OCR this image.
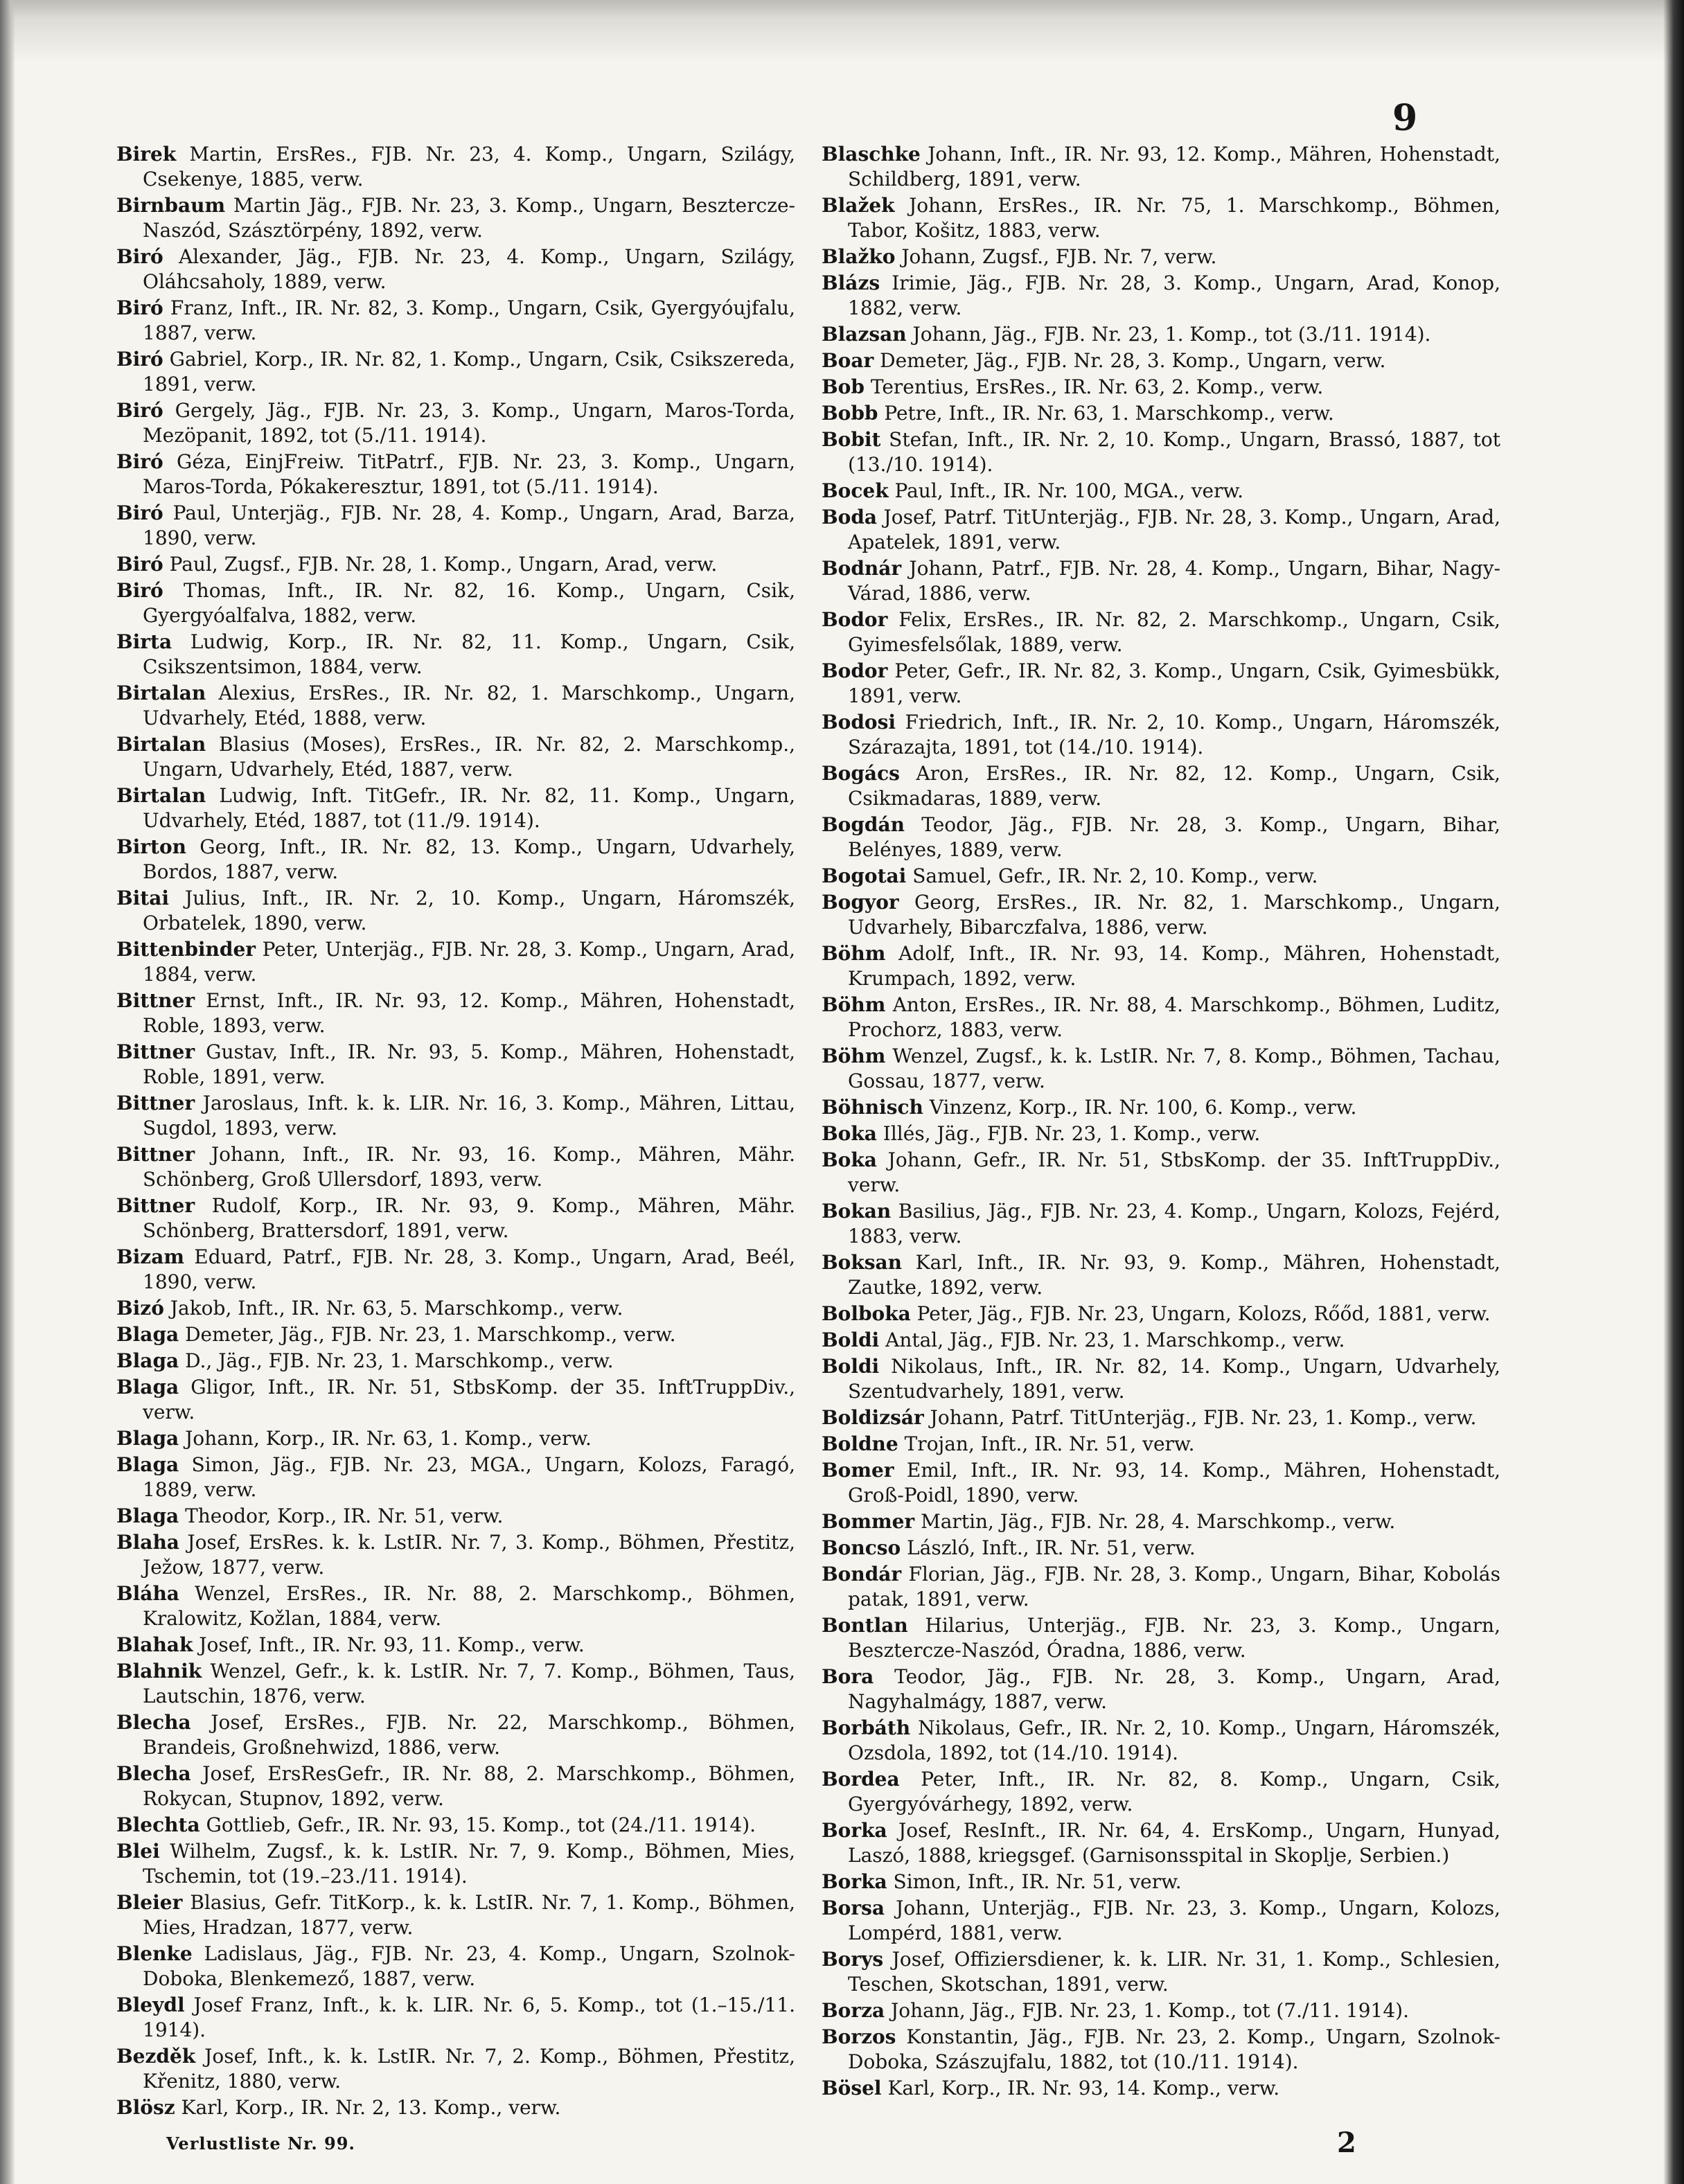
9

Birek Martin, ErsRes., FJB. Nr. 23, 4. Komp., Ungarn, Szilágy, Csekenye, 1885, verw.

Birnbaum Martin Jäg., FJB. Nr. 23, 3. Komp., Ungarn, Besztercze-Naszód, Szásztörpény, 1892, verw.

Biró Alexander, Jäg., FJB. Nr. 23, 4. Komp., Ungarn, Szilágy, Oláhcsaholy, 1889, verw.

Biró Franz, Inft., IR. Nr. 82, 3. Komp., Ungarn, Csik, Gyergyóujfalu, 1887, verw.

Biró Gabriel, Korp., IR. Nr. 82, 1. Komp., Ungarn, Csik, Csikszereda, 1891, verw.

Biró Gergely, Jäg., FJB. Nr. 23, 3. Komp., Ungarn, Maros-Torda, Mezöpanit, 1892, tot (5./11. 1914).

Biró Géza, EinjFreiw. TitPatrf., FJB. Nr. 23, 3. Komp., Ungarn, Maros-Torda, Pókakeresztur, 1891, tot (5./11. 1914).

Biró Paul, Unterjäg., FJB. Nr. 28, 4. Komp., Ungarn, Arad, Barza, 1890, verw.

Biró Paul, Zugsf., FJB. Nr. 28, 1. Komp., Ungarn, Arad, verw.

Biró Thomas, Inft., IR. Nr. 82, 16. Komp., Ungarn, Csik, Gyergyóalfalva, 1882, verw.

Birta Ludwig, Korp., IR. Nr. 82, 11. Komp., Ungarn, Csik, Csikszentsimon, 1884, verw.

Birtalan Alexius, ErsRes., IR. Nr. 82, 1. Marschkomp., Ungarn, Udvarhely, Etéd, 1888, verw.

Birtalan Blasius (Moses), ErsRes., IR. Nr. 82, 2. Marschkomp., Ungarn, Udvarhely, Etéd, 1887, verw.

Birtalan Ludwig, Inft. TitGefr., IR. Nr. 82, 11. Komp., Ungarn, Udvarhely, Etéd, 1887, tot (11./9. 1914).

Birton Georg, Inft., IR. Nr. 82, 13. Komp., Ungarn, Udvarhely, Bordos, 1887, verw.

Bitai Julius, Inft., IR. Nr. 2, 10. Komp., Ungarn, Háromszék, Orbatelek, 1890, verw.

Bittenbinder Peter, Unterjäg., FJB. Nr. 28, 3. Komp., Ungarn, Arad, 1884, verw.

Bittner Ernst, Inft., IR. Nr. 93, 12. Komp., Mähren, Hohenstadt, Roble, 1893, verw.

Bittner Gustav, Inft., IR. Nr. 93, 5. Komp., Mähren, Hohenstadt, Roble, 1891, verw.

Bittner Jaroslaus, Inft. k. k. LIR. Nr. 16, 3. Komp., Mähren, Littau, Sugdol, 1893, verw.

Bittner Johann, Inft., IR. Nr. 93, 16. Komp., Mähren, Mähr. Schönberg, Groß Ullersdorf, 1893, verw.

Bittner Rudolf, Korp., IR. Nr. 93, 9. Komp., Mähren, Mähr. Schönberg, Brattersdorf, 1891, verw.

Bizam Eduard, Patrf., FJB. Nr. 28, 3. Komp., Ungarn, Arad, Beél, 1890, verw.

Bizó Jakob, Inft., IR. Nr. 63, 5. Marschkomp., verw.

Blaga Demeter, Jäg., FJB. Nr. 23, 1. Marschkomp., verw.

Blaga D., Jäg., FJB. Nr. 23, 1. Marschkomp., verw.

Blaga Gligor, Inft., IR. Nr. 51, StbsKomp. der 35. InftTruppDiv., verw.

Blaga Johann, Korp., IR. Nr. 63, 1. Komp., verw.

Blaga Simon, Jäg., FJB. Nr. 23, MGA., Ungarn, Kolozs, Faragó, 1889, verw.

Blaga Theodor, Korp., IR. Nr. 51, verw.

Blaha Josef, ErsRes. k. k. LstIR. Nr. 7, 3. Komp., Böhmen, Přestitz, Ježow, 1877, verw.

Bláha Wenzel, ErsRes., IR. Nr. 88, 2. Marschkomp., Böhmen, Kralowitz, Kožlan, 1884, verw.

Blahak Josef, Inft., IR. Nr. 93, 11. Komp., verw.

Blahnik Wenzel, Gefr., k. k. LstIR. Nr. 7, 7. Komp., Böhmen, Taus, Lautschin, 1876, verw.

Blecha Josef, ErsRes., FJB. Nr. 22, Marschkomp., Böhmen, Brandeis, Großnehwizd, 1886, verw.

Blecha Josef, ErsResGefr., IR. Nr. 88, 2. Marschkomp., Böhmen, Rokycan, Stupnov, 1892, verw.

Blechta Gottlieb, Gefr., IR. Nr. 93, 15. Komp., tot (24./11. 1914).

Blei Wilhelm, Zugsf., k. k. LstIR. Nr. 7, 9. Komp., Böhmen, Mies, Tschemin, tot (19.–23./11. 1914).

Bleier Blasius, Gefr. TitKorp., k. k. LstIR. Nr. 7, 1. Komp., Böhmen, Mies, Hradzan, 1877, verw.

Blenke Ladislaus, Jäg., FJB. Nr. 23, 4. Komp., Ungarn, Szolnok-Doboka, Blenkemező, 1887, verw.

Bleydl Josef Franz, Inft., k. k. LIR. Nr. 6, 5. Komp., tot (1.–15./11. 1914).

Bezděk Josef, Inft., k. k. LstIR. Nr. 7, 2. Komp., Böhmen, Přestitz, Křenitz, 1880, verw.

Blösz Karl, Korp., IR. Nr. 2, 13. Komp., verw.

Blaschke Johann, Inft., IR. Nr. 93, 12. Komp., Mähren, Hohenstadt, Schildberg, 1891, verw.

Blažek Johann, ErsRes., IR. Nr. 75, 1. Marschkomp., Böhmen, Tabor, Košitz, 1883, verw.

Blažko Johann, Zugsf., FJB. Nr. 7, verw.

Blázs Irimie, Jäg., FJB. Nr. 28, 3. Komp., Ungarn, Arad, Konop, 1882, verw.

Blazsan Johann, Jäg., FJB. Nr. 23, 1. Komp., tot (3./11. 1914).

Boar Demeter, Jäg., FJB. Nr. 28, 3. Komp., Ungarn, verw.

Bob Terentius, ErsRes., IR. Nr. 63, 2. Komp., verw.

Bobb Petre, Inft., IR. Nr. 63, 1. Marschkomp., verw.

Bobit Stefan, Inft., IR. Nr. 2, 10. Komp., Ungarn, Brassó, 1887, tot (13./10. 1914).

Bocek Paul, Inft., IR. Nr. 100, MGA., verw.

Boda Josef, Patrf. TitUnterjäg., FJB. Nr. 28, 3. Komp., Ungarn, Arad, Apatelek, 1891, verw.

Bodnár Johann, Patrf., FJB. Nr. 28, 4. Komp., Ungarn, Bihar, Nagy-Várad, 1886, verw.

Bodor Felix, ErsRes., IR. Nr. 82, 2. Marschkomp., Ungarn, Csik, Gyimesfelsőlak, 1889, verw.

Bodor Peter, Gefr., IR. Nr. 82, 3. Komp., Ungarn, Csik, Gyimesbükk, 1891, verw.

Bodosi Friedrich, Inft., IR. Nr. 2, 10. Komp., Ungarn, Háromszék, Szárazajta, 1891, tot (14./10. 1914).

Bogács Aron, ErsRes., IR. Nr. 82, 12. Komp., Ungarn, Csik, Csikmadaras, 1889, verw.

Bogdán Teodor, Jäg., FJB. Nr. 28, 3. Komp., Ungarn, Bihar, Belényes, 1889, verw.

Bogotai Samuel, Gefr., IR. Nr. 2, 10. Komp., verw.

Bogyor Georg, ErsRes., IR. Nr. 82, 1. Marschkomp., Ungarn, Udvarhely, Bibarczfalva, 1886, verw.

Böhm Adolf, Inft., IR. Nr. 93, 14. Komp., Mähren, Hohenstadt, Krumpach, 1892, verw.

Böhm Anton, ErsRes., IR. Nr. 88, 4. Marschkomp., Böhmen, Luditz, Prochorz, 1883, verw.

Böhm Wenzel, Zugsf., k. k. LstIR. Nr. 7, 8. Komp., Böhmen, Tachau, Gossau, 1877, verw.

Böhnisch Vinzenz, Korp., IR. Nr. 100, 6. Komp., verw.

Boka Illés, Jäg., FJB. Nr. 23, 1. Komp., verw.

Boka Johann, Gefr., IR. Nr. 51, StbsKomp. der 35. InftTruppDiv., verw.

Bokan Basilius, Jäg., FJB. Nr. 23, 4. Komp., Ungarn, Kolozs, Fejérd, 1883, verw.

Boksan Karl, Inft., IR. Nr. 93, 9. Komp., Mähren, Hohenstadt, Zautke, 1892, verw.

Bolboka Peter, Jäg., FJB. Nr. 23, Ungarn, Kolozs, Rőőd, 1881, verw.

Boldi Antal, Jäg., FJB. Nr. 23, 1. Marschkomp., verw.

Boldi Nikolaus, Inft., IR. Nr. 82, 14. Komp., Ungarn, Udvarhely, Szentudvarhely, 1891, verw.

Boldizsár Johann, Patrf. TitUnterjäg., FJB. Nr. 23, 1. Komp., verw.

Boldne Trojan, Inft., IR. Nr. 51, verw.

Bomer Emil, Inft., IR. Nr. 93, 14. Komp., Mähren, Hohenstadt, Groß-Poidl, 1890, verw.

Bommer Martin, Jäg., FJB. Nr. 28, 4. Marschkomp., verw.

Boncso László, Inft., IR. Nr. 51, verw.

Bondár Florian, Jäg., FJB. Nr. 28, 3. Komp., Ungarn, Bihar, Kobolás patak, 1891, verw.

Bontlan Hilarius, Unterjäg., FJB. Nr. 23, 3. Komp., Ungarn, Besztercze-Naszód, Óradna, 1886, verw.

Bora Teodor, Jäg., FJB. Nr. 28, 3. Komp., Ungarn, Arad, Nagyhalmágy, 1887, verw.

Borbáth Nikolaus, Gefr., IR. Nr. 2, 10. Komp., Ungarn, Háromszék, Ozsdola, 1892, tot (14./10. 1914).

Bordea Peter, Inft., IR. Nr. 82, 8. Komp., Ungarn, Csik, Gyergyóvárhegy, 1892, verw.

Borka Josef, ResInft., IR. Nr. 64, 4. ErsKomp., Ungarn, Hunyad, Laszó, 1888, kriegsgef. (Garnisonsspital in Skoplje, Serbien.)

Borka Simon, Inft., IR. Nr. 51, verw.

Borsa Johann, Unterjäg., FJB. Nr. 23, 3. Komp., Ungarn, Kolozs, Lompérd, 1881, verw.

Borys Josef, Offiziersdiener, k. k. LIR. Nr. 31, 1. Komp., Schlesien, Teschen, Skotschan, 1891, verw.

Borza Johann, Jäg., FJB. Nr. 23, 1. Komp., tot (7./11. 1914).

Borzos Konstantin, Jäg., FJB. Nr. 23, 2. Komp., Ungarn, Szolnok-Doboka, Szászujfalu, 1882, tot (10./11. 1914).

Bösel Karl, Korp., IR. Nr. 93, 14. Komp., verw.

Verlustliste Nr. 99.	2
